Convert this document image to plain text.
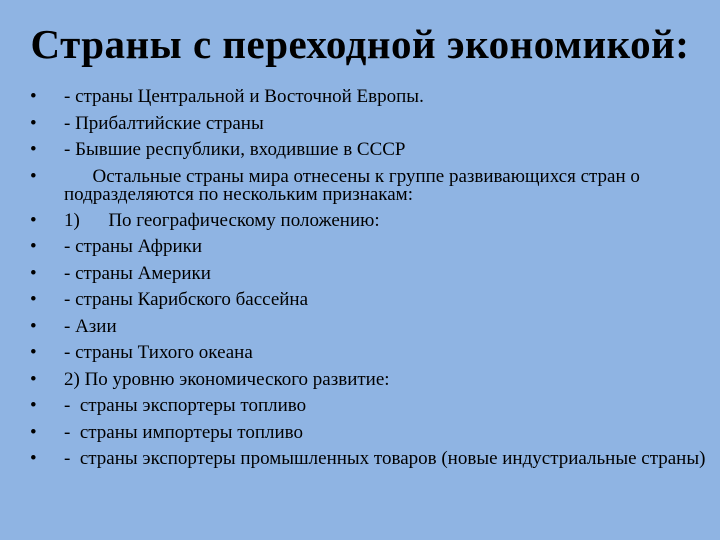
Страны с переходной экономикой:
• - страны Центральной и Восточной Европы.
• - Прибалтийские страны
• - Бывшие республики, входившие в СССР
• Остальные страны мира отнесены к группе развивающихся стран о подразделяются по нескольким признакам:
• 1)      По географическому положению:
• - страны Африки
• - страны Америки
• - страны Карибского бассейна
• - Азии
• - страны Тихого океана
• 2) По уровню экономического развитие:
• -  страны экспортеры топливо
• -  страны импортеры топливо
• -  страны экспортеры промышленных товаров (новые индустриальные страны)
